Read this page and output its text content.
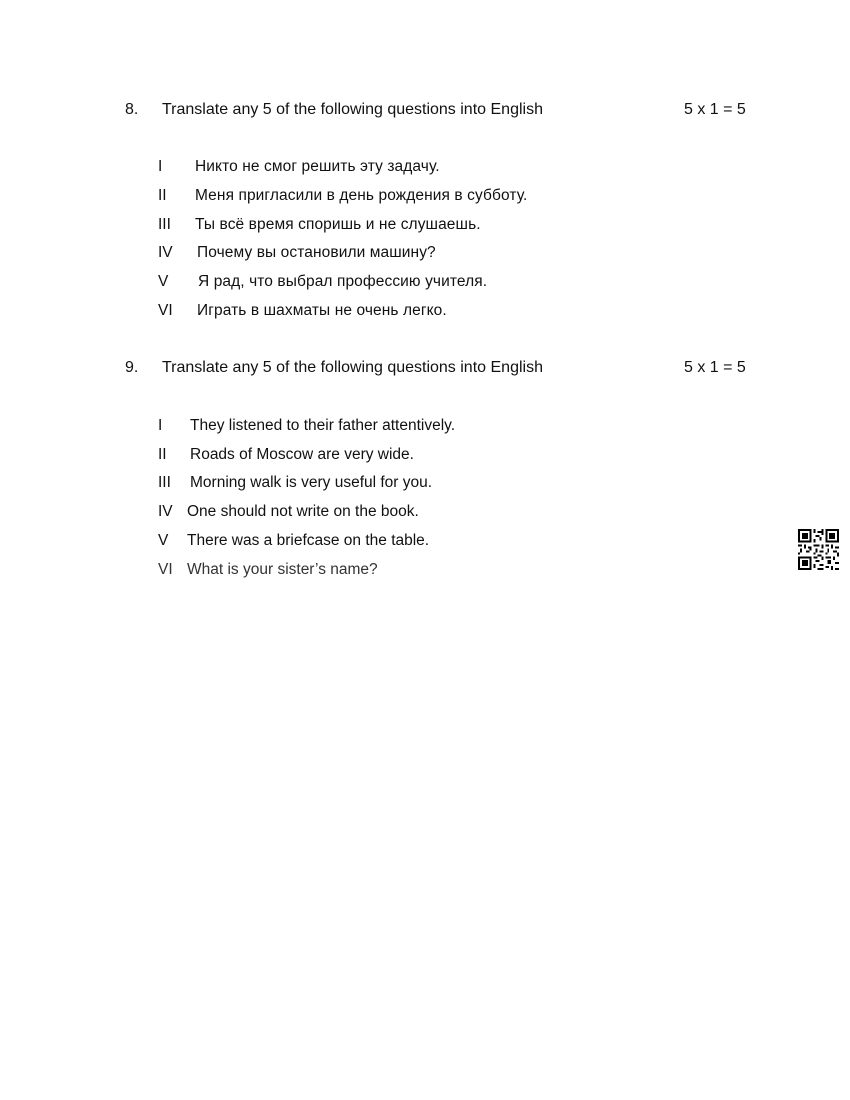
8. Translate any 5 of the following questions into English	5 x 1 = 5
I Никто не смог решить эту задачу.
II Меня пригласили в день рождения в субботу.
III Ты всё время споришь и не слушаешь.
IV Почему вы остановили машину?
V Я рад, что выбрал профессию учителя.
VI Играть в шахматы не очень легко.
9. Translate any 5 of the following questions into English	5 x 1 = 5
I They listened to their father attentively.
II Roads of Moscow are very wide.
III Morning walk is very useful for you.
IV One should not write on the book.
V There was a briefcase on the table.
VI What is your sister’s name?
